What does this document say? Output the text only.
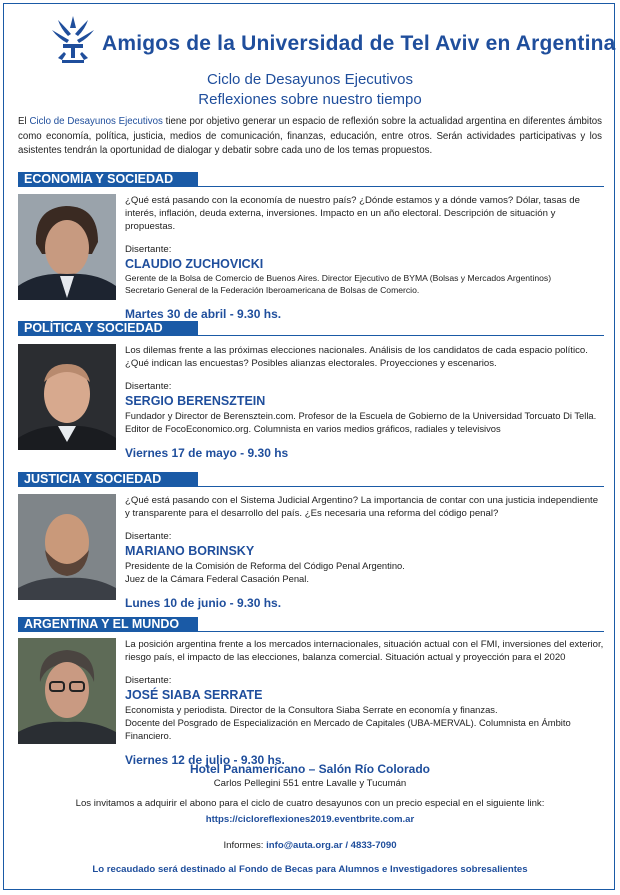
Amigos de la Universidad de Tel Aviv en Argentina
Ciclo de Desayunos Ejecutivos
Reflexiones sobre nuestro tiempo
El Ciclo de Desayunos Ejecutivos tiene por objetivo generar un espacio de reflexión sobre la actualidad argentina en diferentes ámbitos como economía, política, justicia, medios de comunicación, finanzas, educación, entre otros. Serán actividades participativas y los asistentes tendrán la oportunidad de dialogar y debatir sobre cada uno de los temas propuestos.
ECONOMÍA Y SOCIEDAD

¿Qué está pasando con la economía de nuestro país? ¿Dónde estamos y a dónde vamos? Dólar, tasas de interés, inflación, deuda externa, inversiones. Impacto en un año electoral. Descripción de situación y propuestas.

Disertante:

CLAUDIO ZUCHOVICKI

Gerente de la Bolsa de Comercio de Buenos Aires. Director Ejecutivo de BYMA (Bolsas y Mercados Argentinos)

Secretario General de la Federación Iberoamericana de Bolsas de Comercio.

Martes 30 de abril - 9.30 hs.

POLÍTICA Y SOCIEDAD

Los dilemas frente a las próximas elecciones nacionales. Análisis de los candidatos de cada espacio político. ¿Qué indican las encuestas? Posibles alianzas electorales. Proyecciones y escenarios.

Disertante:

SERGIO BERENSZTEIN

Fundador y Director de Berensztein.com. Profesor de la Escuela de Gobierno de la Universidad Torcuato Di Tella.

Editor de FocoEconomico.org. Columnista en varios medios gráficos, radiales y televisivos

Viernes 17 de mayo - 9.30 hs

JUSTICIA Y SOCIEDAD

¿Qué está pasando con el Sistema Judicial Argentino? La importancia de contar con una justicia independiente y transparente para el desarrollo del país. ¿Es necesaria una reforma del código penal?

Disertante:

MARIANO BORINSKY

Presidente de la Comisión de Reforma del Código Penal Argentino.

Juez de la Cámara Federal Casación Penal.

Lunes 10 de junio - 9.30 hs.

ARGENTINA Y EL MUNDO

La posición argentina frente a los mercados internacionales, situación actual con el FMI, inversiones del exterior, riesgo país, el impacto de las elecciones, balanza comercial. Situación actual y proyección para el 2020

Disertante:

JOSÉ SIABA SERRATE

Economista y periodista. Director de la Consultora Siaba Serrate en economía y finanzas.

Docente del Posgrado de Especialización en Mercado de Capitales (UBA-MERVAL). Columnista en Ámbito Financiero.

Viernes 12 de julio - 9.30 hs.

Hotel Panamericano – Salón Río Colorado
Carlos Pellegini 551 entre Lavalle y Tucumán
Los invitamos a adquirir el abono para el ciclo de cuatro desayunos con un precio especial en el siguiente link:
https://cicloreflexiones2019.eventbrite.com.ar
Informes: info@auta.org.ar / 4833-7090
Lo recaudado será destinado al Fondo de Becas para Alumnos e Investigadores sobresalientes
